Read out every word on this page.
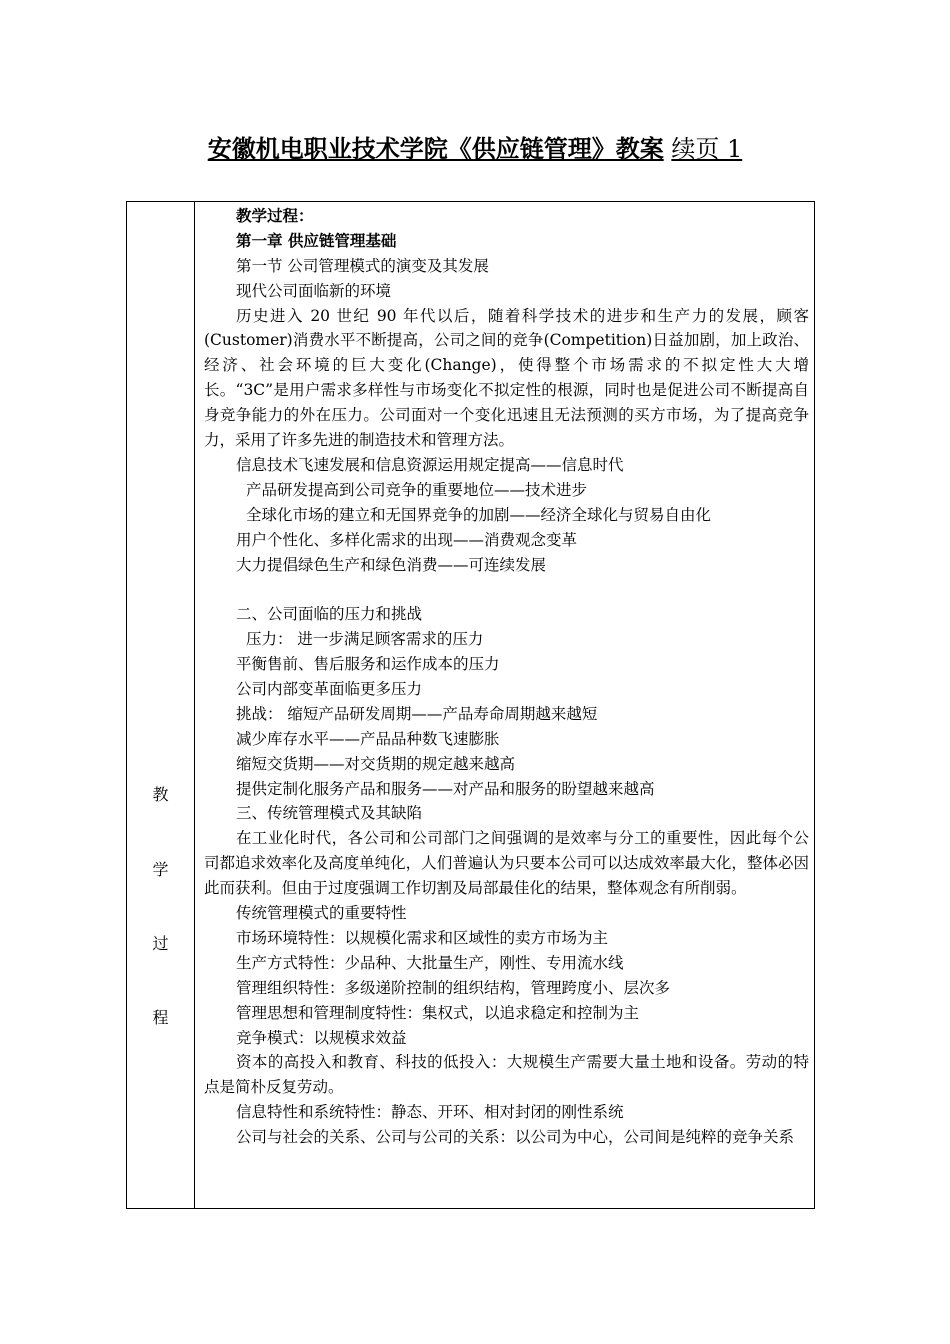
安徽机电职业技术学院《供应链管理》教案 续页 1
教
学
过
程
教学过程：
第一章 供应链管理基础
第一节 公司管理模式的演变及其发展
现代公司面临新的环境
历史进入 20 世纪 90 年代以后，随着科学技术的进步和生产力的发展，顾客(Customer)消费水平不断提高，公司之间的竞争(Competition)日益加剧，加上政治、经济、社会环境的巨大变化(Change)，使得整个市场需求的不拟定性大大增长。“3C”是用户需求多样性与市场变化不拟定性的根源，同时也是促进公司不断提高自身竞争能力的外在压力。公司面对一个变化迅速且无法预测的买方市场，为了提高竞争力，采用了许多先进的制造技术和管理方法。
信息技术飞速发展和信息资源运用规定提高——信息时代
产品研发提高到公司竞争的重要地位——技术进步
全球化市场的建立和无国界竞争的加剧——经济全球化与贸易自由化
用户个性化、多样化需求的出现——消费观念变革
大力提倡绿色生产和绿色消费——可连续发展
二、公司面临的压力和挑战
压力： 进一步满足顾客需求的压力
平衡售前、售后服务和运作成本的压力
公司内部变革面临更多压力
挑战： 缩短产品研发周期——产品寿命周期越来越短
减少库存水平——产品品种数飞速膨胀
缩短交货期——对交货期的规定越来越高
提供定制化服务产品和服务——对产品和服务的盼望越来越高
三、传统管理模式及其缺陷
在工业化时代，各公司和公司部门之间强调的是效率与分工的重要性，因此每个公司都追求效率化及高度单纯化，人们普遍认为只要本公司可以达成效率最大化，整体必因此而获利。但由于过度强调工作切割及局部最佳化的结果，整体观念有所削弱。
传统管理模式的重要特性
市场环境特性：以规模化需求和区域性的卖方市场为主
生产方式特性：少品种、大批量生产，刚性、专用流水线
管理组织特性：多级递阶控制的组织结构，管理跨度小、层次多
管理思想和管理制度特性：集权式，以追求稳定和控制为主
竞争模式：以规模求效益
资本的高投入和教育、科技的低投入：大规模生产需要大量土地和设备。劳动的特点是简朴反复劳动。
信息特性和系统特性：静态、开环、相对封闭的刚性系统
公司与社会的关系、公司与公司的关系：以公司为中心，公司间是纯粹的竞争关系
